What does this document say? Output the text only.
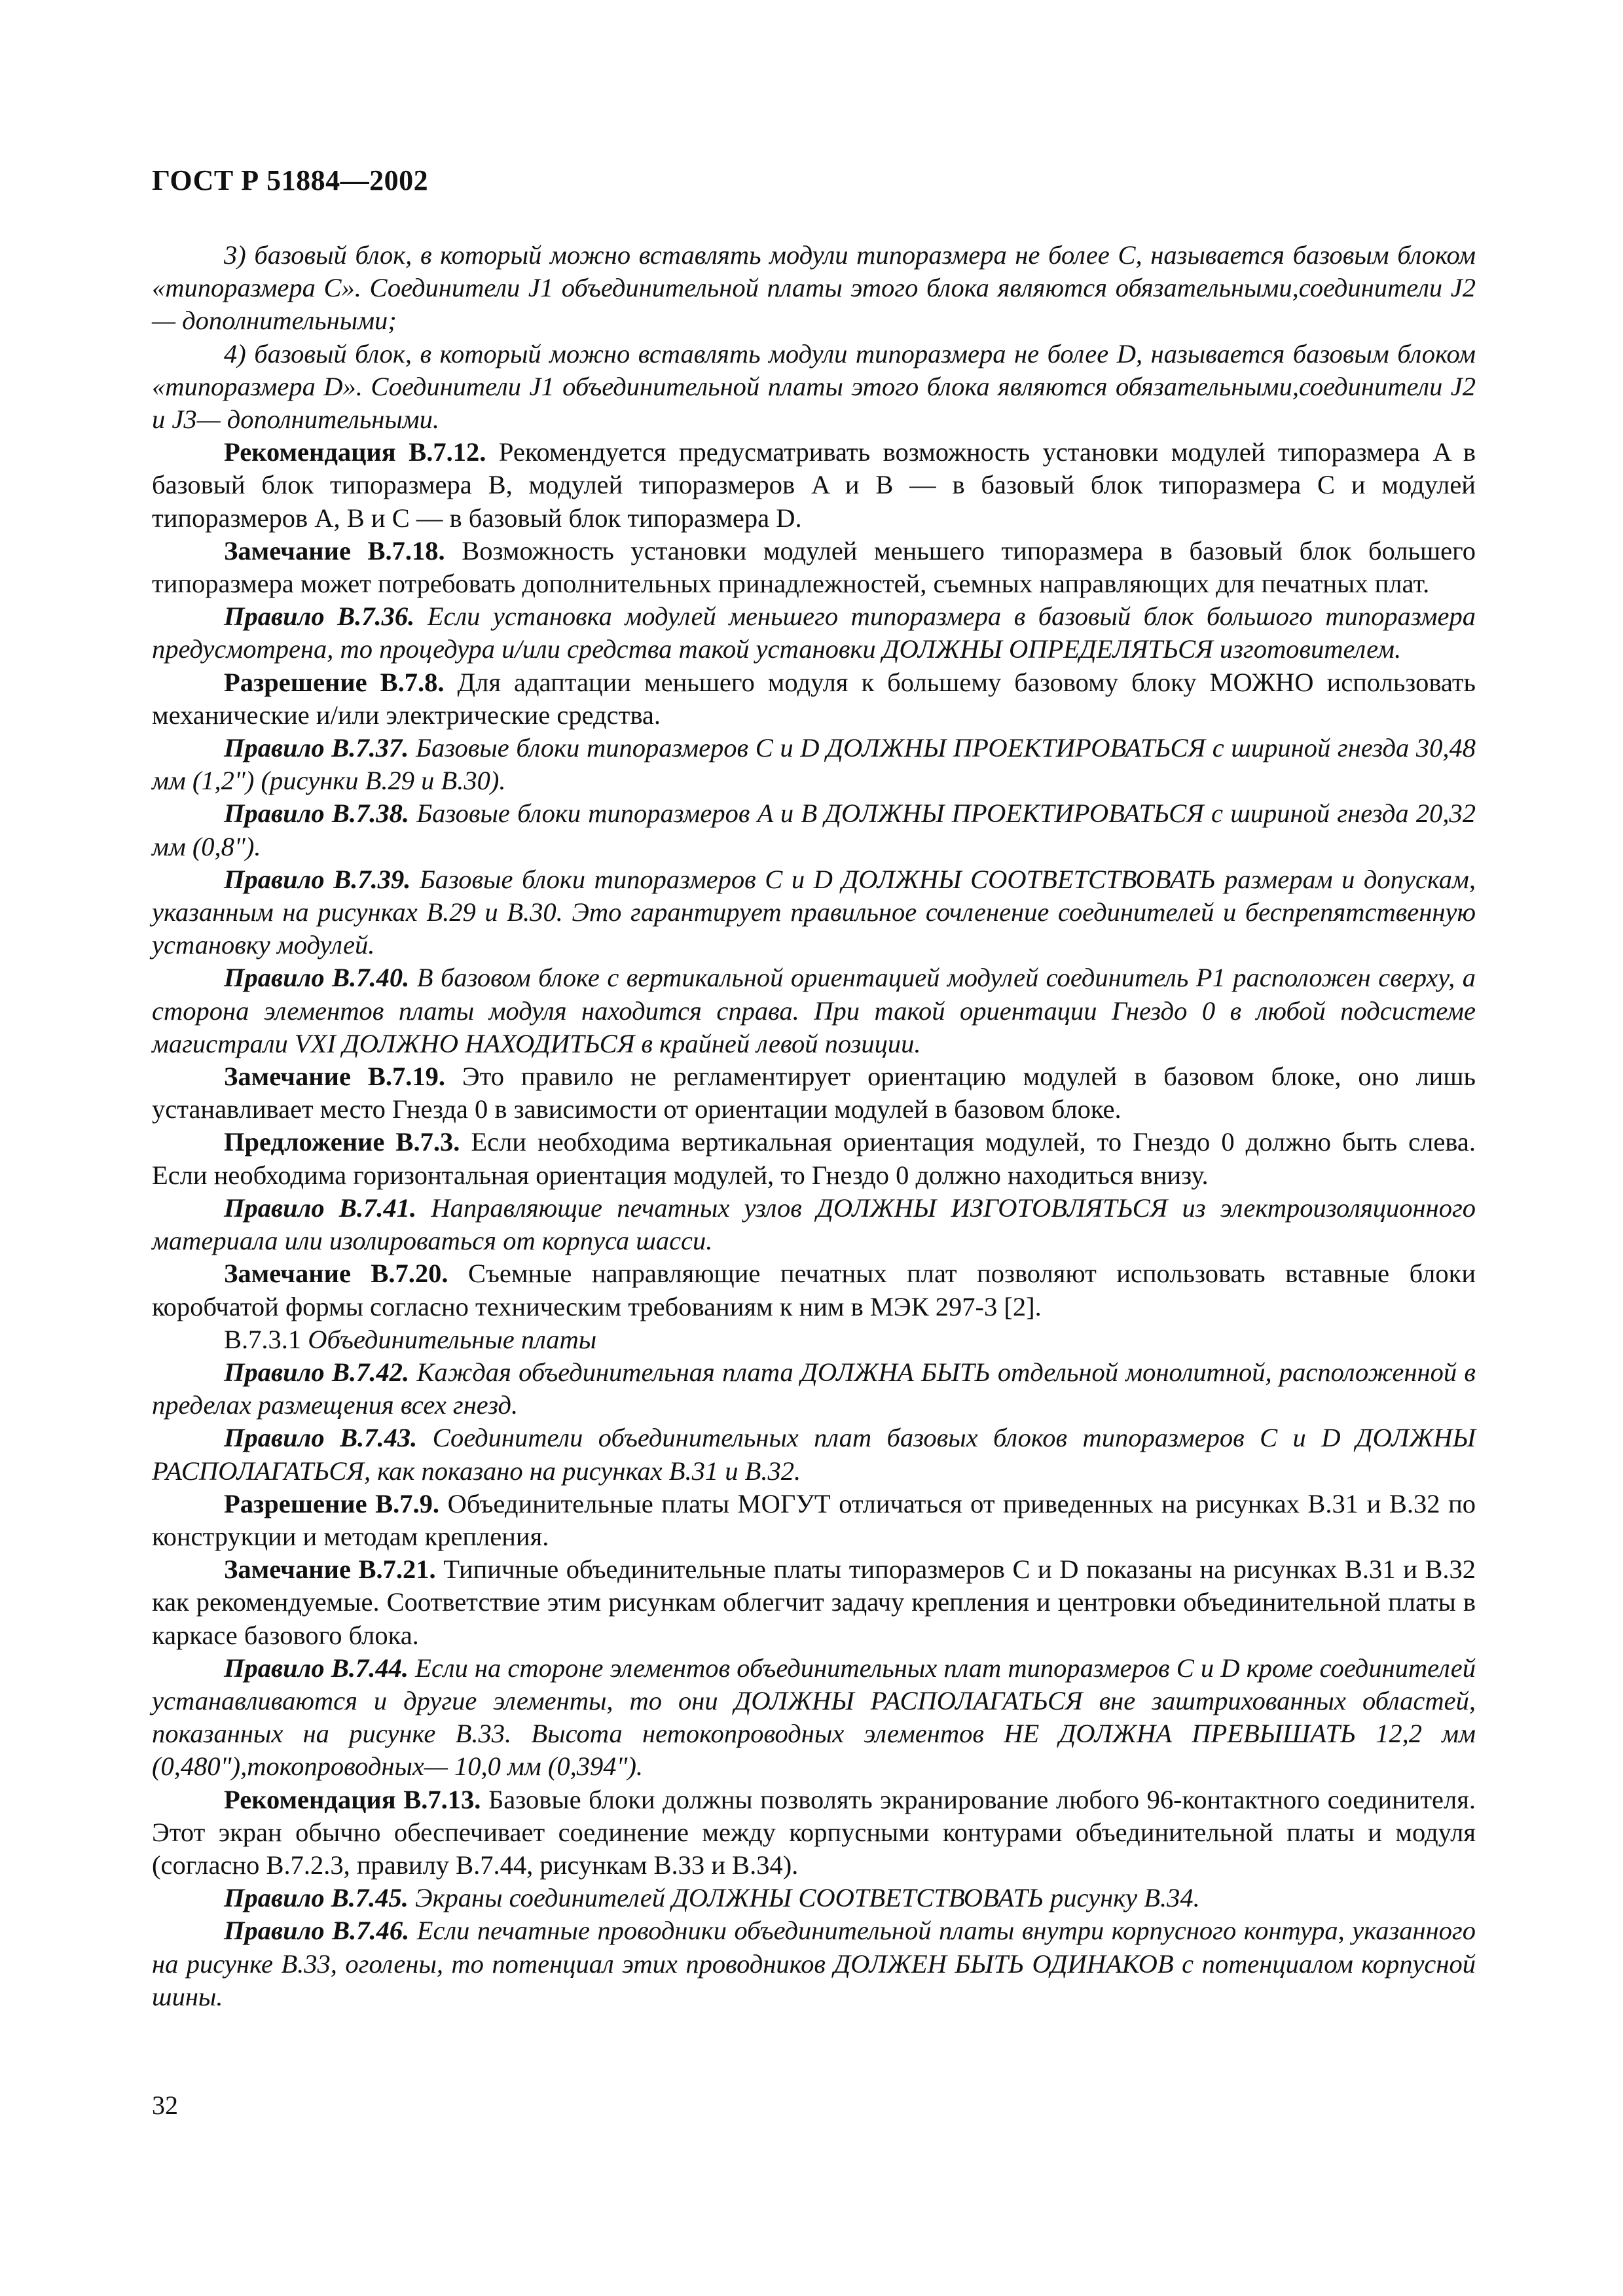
ГОСТ Р 51884—2002

3) базовый блок, в который можно вставлять модули типоразмера не более C, называется базовым блоком «типоразмера C». Соединители J1 объединительной платы этого блока являются обязательными,соединители J2— дополнительными;

4) базовый блок, в который можно вставлять модули типоразмера не более D, называется базовым блоком «типоразмера D». Соединители J1 объединительной платы этого блока являются обязательными,соединители J2 и J3— дополнительными.

Рекомендация B.7.12. Рекомендуется предусматривать возможность установки модулей типоразмера A в базовый блок типоразмера B, модулей типоразмеров A и B — в базовый блок типоразмера C и модулей типоразмеров A, B и C — в базовый блок типоразмера D.

Замечание B.7.18. Возможность установки модулей меньшего типоразмера в базовый блок большего типоразмера может потребовать дополнительных принадлежностей, съемных направляющих для печатных плат.

Правило B.7.36. Если установка модулей меньшего типоразмера в базовый блок большого типоразмера предусмотрена, то процедура и/или средства такой установки ДОЛЖНЫ ОПРЕДЕЛЯТЬСЯ изготовителем.

Разрешение B.7.8. Для адаптации меньшего модуля к большему базовому блоку МОЖНО использовать механические и/или электрические средства.

Правило B.7.37. Базовые блоки типоразмеров C и D ДОЛЖНЫ ПРОЕКТИРОВАТЬСЯ с шириной гнезда 30,48 мм (1,2") (рисунки B.29 и B.30).

Правило B.7.38. Базовые блоки типоразмеров A и B ДОЛЖНЫ ПРОЕКТИРОВАТЬСЯ с шириной гнезда 20,32 мм (0,8").

Правило B.7.39. Базовые блоки типоразмеров C и D ДОЛЖНЫ СООТВЕТСТВОВАТЬ размерам и допускам, указанным на рисунках B.29 и B.30. Это гарантирует правильное сочленение соединителей и беспрепятственную установку модулей.

Правило B.7.40. В базовом блоке с вертикальной ориентацией модулей соединитель P1 расположен сверху, а сторона элементов платы модуля находится справа. При такой ориентации Гнездо 0 в любой подсистеме магистрали VXI ДОЛЖНО НАХОДИТЬСЯ в крайней левой позиции.

Замечание B.7.19. Это правило не регламентирует ориентацию модулей в базовом блоке, оно лишь устанавливает место Гнезда 0 в зависимости от ориентации модулей в базовом блоке.

Предложение B.7.3. Если необходима вертикальная ориентация модулей, то Гнездо 0 должно быть слева. Если необходима горизонтальная ориентация модулей, то Гнездо 0 должно находиться внизу.

Правило B.7.41. Направляющие печатных узлов ДОЛЖНЫ ИЗГОТОВЛЯТЬСЯ из электроизоляционного материала или изолироваться от корпуса шасси.

Замечание B.7.20. Съемные направляющие печатных плат позволяют использовать вставные блоки коробчатой формы согласно техническим требованиям к ним в МЭК 297-3 [2].

B.7.3.1 Объединительные платы

Правило B.7.42. Каждая объединительная плата ДОЛЖНА БЫТЬ отдельной монолитной, расположенной в пределах размещения всех гнезд.

Правило B.7.43. Соединители объединительных плат базовых блоков типоразмеров C и D ДОЛЖНЫ РАСПОЛАГАТЬСЯ, как показано на рисунках B.31 и B.32.

Разрешение B.7.9. Объединительные платы МОГУТ отличаться от приведенных на рисунках B.31 и B.32 по конструкции и методам крепления.

Замечание B.7.21. Типичные объединительные платы типоразмеров C и D показаны на рисунках B.31 и B.32 как рекомендуемые. Соответствие этим рисункам облегчит задачу крепления и центровки объединительной платы в каркасе базового блока.

Правило B.7.44. Если на стороне элементов объединительных плат типоразмеров C и D кроме соединителей устанавливаются и другие элементы, то они ДОЛЖНЫ РАСПОЛАГАТЬСЯ вне заштрихованных областей, показанных на рисунке B.33. Высота нетокопроводных элементов НЕ ДОЛЖНА ПРЕВЫШАТЬ 12,2 мм (0,480"),токопроводных— 10,0 мм (0,394").

Рекомендация B.7.13. Базовые блоки должны позволять экранирование любого 96-контактного соединителя. Этот экран обычно обеспечивает соединение между корпусными контурами объединительной платы и модуля (согласно B.7.2.3, правилу B.7.44, рисункам B.33 и B.34).

Правило B.7.45. Экраны соединителей ДОЛЖНЫ СООТВЕТСТВОВАТЬ рисунку B.34.

Правило B.7.46. Если печатные проводники объединительной платы внутри корпусного контура, указанного на рисунке B.33, оголены, то потенциал этих проводников ДОЛЖЕН БЫТЬ ОДИНАКОВ с потенциалом корпусной шины.

32
